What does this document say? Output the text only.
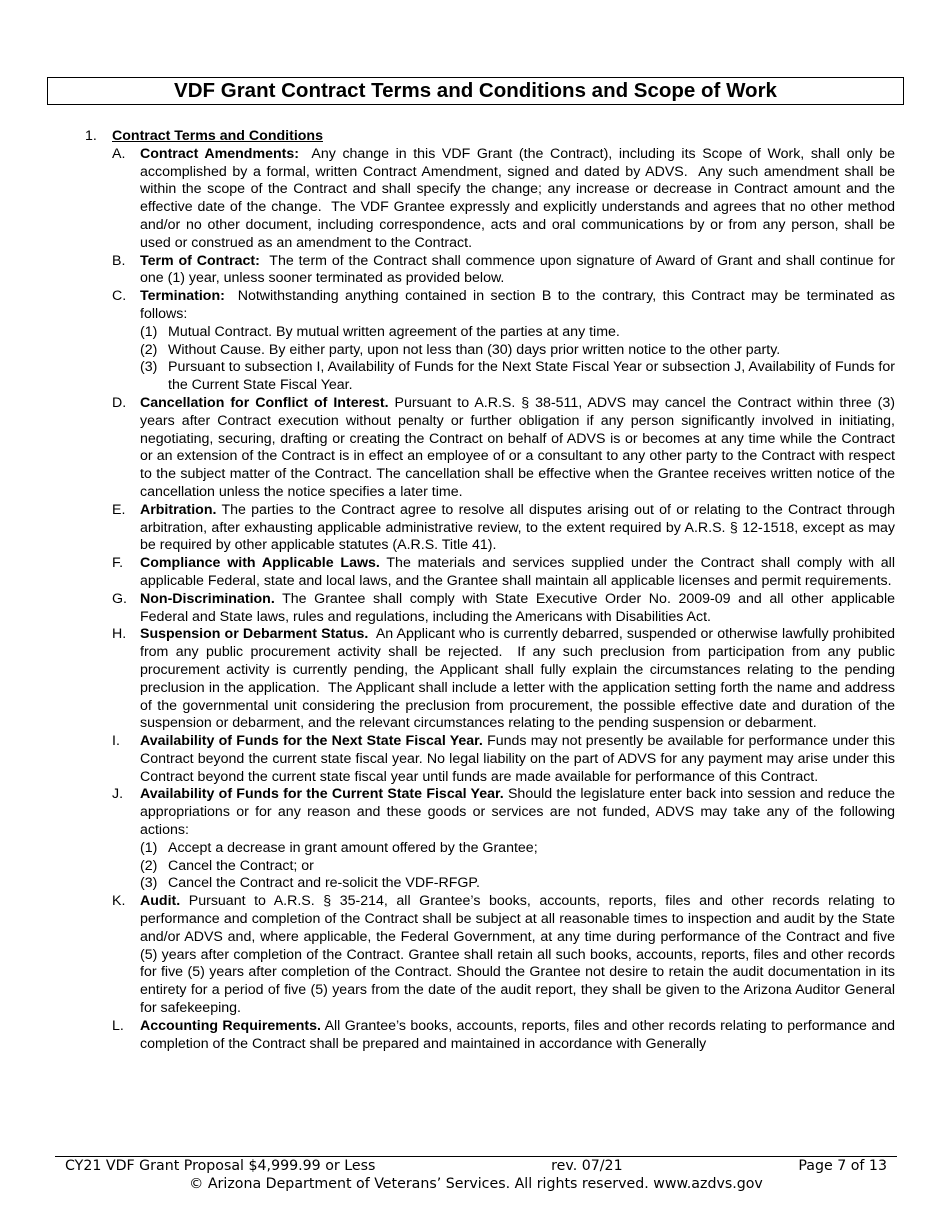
VDF Grant Contract Terms and Conditions and Scope of Work
1.	Contract Terms and Conditions
A.	Contract Amendments:  Any change in this VDF Grant (the Contract), including its Scope of Work, shall only be accomplished by a formal, written Contract Amendment, signed and dated by ADVS.  Any such amendment shall be within the scope of the Contract and shall specify the change; any increase or decrease in Contract amount and the effective date of the change.  The VDF Grantee expressly and explicitly understands and agrees that no other method and/or no other document, including correspondence, acts and oral communications by or from any person, shall be used or construed as an amendment to the Contract.
B.	Term of Contract:  The term of the Contract shall commence upon signature of Award of Grant and shall continue for one (1) year, unless sooner terminated as provided below.
C. Termination:  Notwithstanding anything contained in section B to the contrary, this Contract may be terminated as follows:
(1) Mutual Contract. By mutual written agreement of the parties at any time.
(2) Without Cause. By either party, upon not less than (30) days prior written notice to the other party.
(3) Pursuant to subsection I, Availability of Funds for the Next State Fiscal Year or subsection J, Availability of Funds for the Current State Fiscal Year.
D. Cancellation for Conflict of Interest. Pursuant to A.R.S. § 38-511, ADVS may cancel the Contract within three (3) years after Contract execution without penalty or further obligation if any person significantly involved in initiating, negotiating, securing, drafting or creating the Contract on behalf of ADVS is or becomes at any time while the Contract or an extension of the Contract is in effect an employee of or a consultant to any other party to the Contract with respect to the subject matter of the Contract. The cancellation shall be effective when the Grantee receives written notice of the cancellation unless the notice specifies a later time.
E.	Arbitration. The parties to the Contract agree to resolve all disputes arising out of or relating to the Contract through arbitration, after exhausting applicable administrative review, to the extent required by A.R.S. § 12-1518, except as may be required by other applicable statutes (A.R.S. Title 41).
F.	Compliance with Applicable Laws. The materials and services supplied under the Contract shall comply with all applicable Federal, state and local laws, and the Grantee shall maintain all applicable licenses and permit requirements.
G. Non-Discrimination. The Grantee shall comply with State Executive Order No. 2009-09 and all other applicable Federal and State laws, rules and regulations, including the Americans with Disabilities Act.
H. Suspension or Debarment Status.  An Applicant who is currently debarred, suspended or otherwise lawfully prohibited from any public procurement activity shall be rejected.  If any such preclusion from participation from any public procurement activity is currently pending, the Applicant shall fully explain the circumstances relating to the pending preclusion in the application.  The Applicant shall include a letter with the application setting forth the name and address of the governmental unit considering the preclusion from procurement, the possible effective date and duration of the suspension or debarment, and the relevant circumstances relating to the pending suspension or debarment.
I.	Availability of Funds for the Next State Fiscal Year. Funds may not presently be available for performance under this Contract beyond the current state fiscal year. No legal liability on the part of ADVS for any payment may arise under this Contract beyond the current state fiscal year until funds are made available for performance of this Contract.
J.	Availability of Funds for the Current State Fiscal Year. Should the legislature enter back into session and reduce the appropriations or for any reason and these goods or services are not funded, ADVS may take any of the following actions:
(1) Accept a decrease in grant amount offered by the Grantee;
(2) Cancel the Contract; or
(3) Cancel the Contract and re-solicit the VDF-RFGP.
K.	Audit. Pursuant to A.R.S. § 35-214, all Grantee’s books, accounts, reports, files and other records relating to performance and completion of the Contract shall be subject at all reasonable times to inspection and audit by the State and/or ADVS and, where applicable, the Federal Government, at any time during performance of the Contract and five (5) years after completion of the Contract. Grantee shall retain all such books, accounts, reports, files and other records for five (5) years after completion of the Contract. Should the Grantee not desire to retain the audit documentation in its entirety for a period of five (5) years from the date of the audit report, they shall be given to the Arizona Auditor General for safekeeping.
L.	Accounting Requirements. All Grantee’s books, accounts, reports, files and other records relating to performance and completion of the Contract shall be prepared and maintained in accordance with Generally
CY21 VDF Grant Proposal $4,999.99 or Less	rev. 07/21	Page 7 of 13
© Arizona Department of Veterans’ Services. All rights reserved. www.azdvs.gov
